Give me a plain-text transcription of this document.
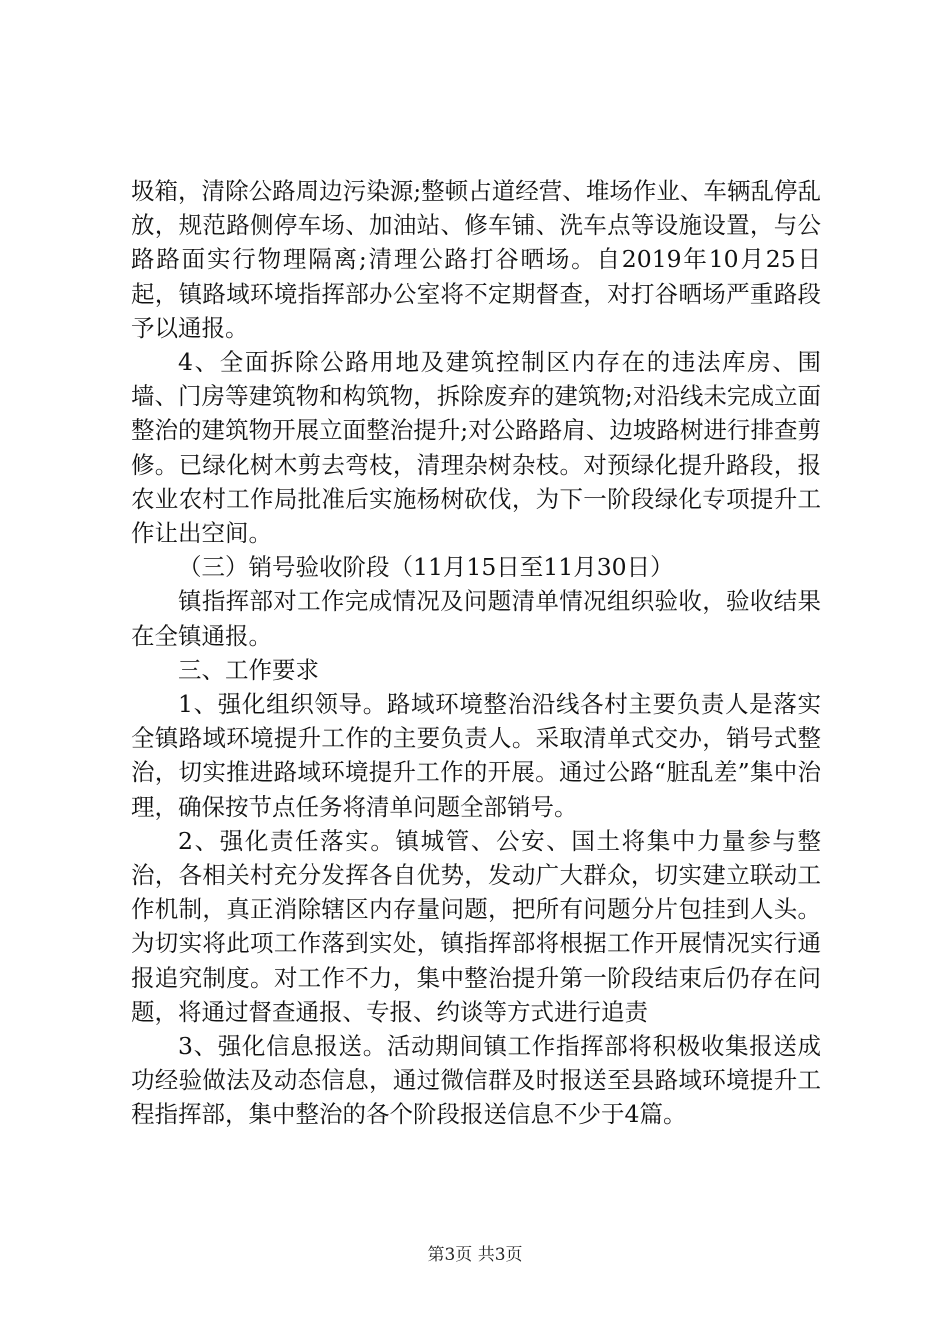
圾箱，清除公路周边污染源;整顿占道经营、堆场作业、车辆乱停乱放，规范路侧停车场、加油站、修车铺、洗车点等设施设置，与公路路面实行物理隔离;清理公路打谷晒场。自2019年10月25日起，镇路域环境指挥部办公室将不定期督查，对打谷晒场严重路段予以通报。

4、全面拆除公路用地及建筑控制区内存在的违法库房、围墙、门房等建筑物和构筑物，拆除废弃的建筑物;对沿线未完成立面整治的建筑物开展立面整治提升;对公路路肩、边坡路树进行排查剪修。已绿化树木剪去弯枝，清理杂树杂枝。对预绿化提升路段，报农业农村工作局批准后实施杨树砍伐，为下一阶段绿化专项提升工作让出空间。

（三）销号验收阶段（11月15日至11月30日）

镇指挥部对工作完成情况及问题清单情况组织验收，验收结果在全镇通报。

三、工作要求

1、强化组织领导。路域环境整治沿线各村主要负责人是落实全镇路域环境提升工作的主要负责人。采取清单式交办，销号式整治，切实推进路域环境提升工作的开展。通过公路“脏乱差”集中治理，确保按节点任务将清单问题全部销号。

2、强化责任落实。镇城管、公安、国土将集中力量参与整治，各相关村充分发挥各自优势，发动广大群众，切实建立联动工作机制，真正消除辖区内存量问题，把所有问题分片包挂到人头。为切实将此项工作落到实处，镇指挥部将根据工作开展情况实行通报追究制度。对工作不力，集中整治提升第一阶段结束后仍存在问题，将通过督查通报、专报、约谈等方式进行追责

3、强化信息报送。活动期间镇工作指挥部将积极收集报送成功经验做法及动态信息，通过微信群及时报送至县路域环境提升工程指挥部，集中整治的各个阶段报送信息不少于4篇。

第3页 共3页
